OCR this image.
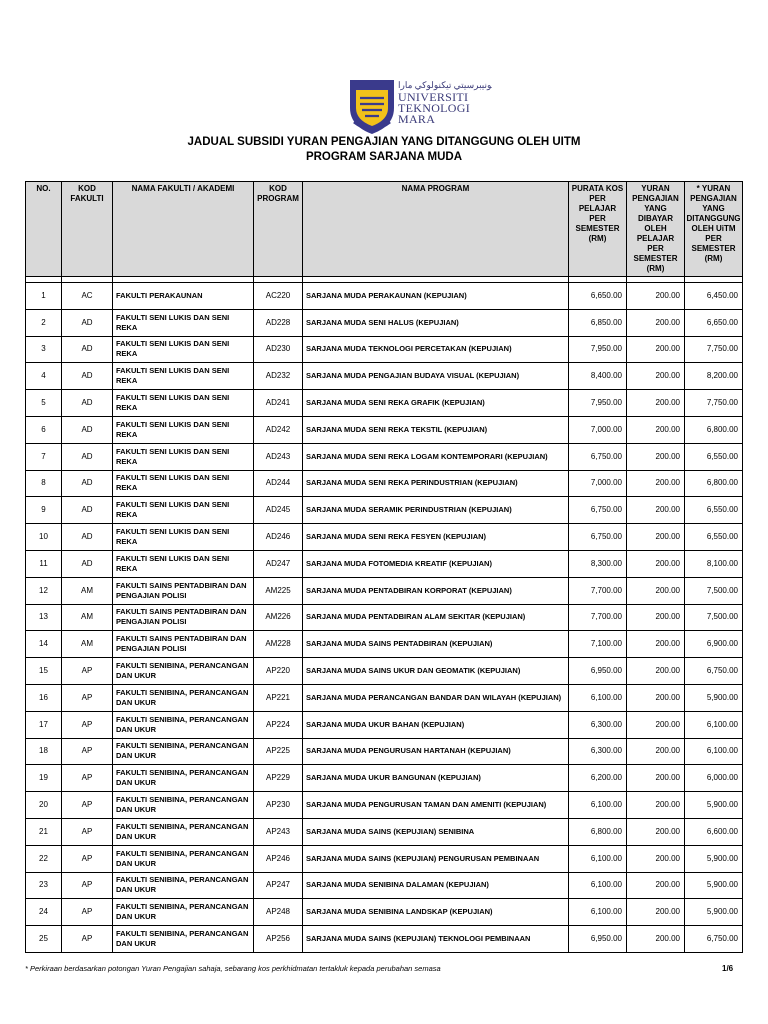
ﻮﻧﻴﺒﺮﺳﻴﺘﻲ ﺗﻴﻜﻨﻮﻟﻮﻛﻲ ﻣﺎرا
UNIVERSITI
TEKNOLOGI
MARA
JADUAL SUBSIDI YURAN PENGAJIAN YANG DITANGGUNG OLEH UITM
PROGRAM SARJANA MUDA
NO.	KOD FAKULTI	NAMA FAKULTI / AKADEMI	KOD PROGRAM	NAMA PROGRAM	PURATA KOS PER PELAJAR PER SEMESTER (RM)	YURAN PENGAJIAN YANG DIBAYAR OLEH PELAJAR PER SEMESTER (RM)	* YURAN PENGAJIAN YANG DITANGGUNG OLEH UiTM PER SEMESTER (RM)

1	AC	FAKULTI PERAKAUNAN	AC220	SARJANA MUDA PERAKAUNAN (KEPUJIAN)	6,650.00	200.00	6,450.00
2	AD	FAKULTI SENI LUKIS DAN SENI REKA	AD228	SARJANA MUDA SENI HALUS (KEPUJIAN)	6,850.00	200.00	6,650.00
3	AD	FAKULTI SENI LUKIS DAN SENI REKA	AD230	SARJANA MUDA TEKNOLOGI PERCETAKAN (KEPUJIAN)	7,950.00	200.00	7,750.00
4	AD	FAKULTI SENI LUKIS DAN SENI REKA	AD232	SARJANA MUDA PENGAJIAN BUDAYA VISUAL (KEPUJIAN)	8,400.00	200.00	8,200.00
5	AD	FAKULTI SENI LUKIS DAN SENI REKA	AD241	SARJANA MUDA SENI REKA GRAFIK (KEPUJIAN)	7,950.00	200.00	7,750.00
6	AD	FAKULTI SENI LUKIS DAN SENI REKA	AD242	SARJANA MUDA SENI REKA TEKSTIL (KEPUJIAN)	7,000.00	200.00	6,800.00
7	AD	FAKULTI SENI LUKIS DAN SENI REKA	AD243	SARJANA MUDA SENI REKA LOGAM KONTEMPORARI (KEPUJIAN)	6,750.00	200.00	6,550.00
8	AD	FAKULTI SENI LUKIS DAN SENI REKA	AD244	SARJANA MUDA SENI REKA PERINDUSTRIAN (KEPUJIAN)	7,000.00	200.00	6,800.00
9	AD	FAKULTI SENI LUKIS DAN SENI REKA	AD245	SARJANA MUDA SERAMIK PERINDUSTRIAN (KEPUJIAN)	6,750.00	200.00	6,550.00
10	AD	FAKULTI SENI LUKIS DAN SENI REKA	AD246	SARJANA MUDA SENI REKA FESYEN (KEPUJIAN)	6,750.00	200.00	6,550.00
11	AD	FAKULTI SENI LUKIS DAN SENI REKA	AD247	SARJANA MUDA FOTOMEDIA KREATIF (KEPUJIAN)	8,300.00	200.00	8,100.00
12	AM	FAKULTI SAINS PENTADBIRAN DAN PENGAJIAN POLISI	AM225	SARJANA MUDA PENTADBIRAN KORPORAT (KEPUJIAN)	7,700.00	200.00	7,500.00
13	AM	FAKULTI SAINS PENTADBIRAN DAN PENGAJIAN POLISI	AM226	SARJANA MUDA PENTADBIRAN ALAM SEKITAR (KEPUJIAN)	7,700.00	200.00	7,500.00
14	AM	FAKULTI SAINS PENTADBIRAN DAN PENGAJIAN POLISI	AM228	SARJANA MUDA SAINS PENTADBIRAN (KEPUJIAN)	7,100.00	200.00	6,900.00
15	AP	FAKULTI SENIBINA, PERANCANGAN DAN UKUR	AP220	SARJANA MUDA SAINS UKUR DAN GEOMATIK (KEPUJIAN)	6,950.00	200.00	6,750.00
16	AP	FAKULTI SENIBINA, PERANCANGAN DAN UKUR	AP221	SARJANA MUDA PERANCANGAN BANDAR DAN WILAYAH (KEPUJIAN)	6,100.00	200.00	5,900.00
17	AP	FAKULTI SENIBINA, PERANCANGAN DAN UKUR	AP224	SARJANA MUDA UKUR BAHAN (KEPUJIAN)	6,300.00	200.00	6,100.00
18	AP	FAKULTI SENIBINA, PERANCANGAN DAN UKUR	AP225	SARJANA MUDA PENGURUSAN HARTANAH (KEPUJIAN)	6,300.00	200.00	6,100.00
19	AP	FAKULTI SENIBINA, PERANCANGAN DAN UKUR	AP229	SARJANA MUDA UKUR BANGUNAN (KEPUJIAN)	6,200.00	200.00	6,000.00
20	AP	FAKULTI SENIBINA, PERANCANGAN DAN UKUR	AP230	SARJANA MUDA PENGURUSAN TAMAN DAN AMENITI (KEPUJIAN)	6,100.00	200.00	5,900.00
21	AP	FAKULTI SENIBINA, PERANCANGAN DAN UKUR	AP243	SARJANA MUDA SAINS (KEPUJIAN) SENIBINA	6,800.00	200.00	6,600.00
22	AP	FAKULTI SENIBINA, PERANCANGAN DAN UKUR	AP246	SARJANA MUDA SAINS (KEPUJIAN) PENGURUSAN PEMBINAAN	6,100.00	200.00	5,900.00
23	AP	FAKULTI SENIBINA, PERANCANGAN DAN UKUR	AP247	SARJANA MUDA SENIBINA DALAMAN (KEPUJIAN)	6,100.00	200.00	5,900.00
24	AP	FAKULTI SENIBINA, PERANCANGAN DAN UKUR	AP248	SARJANA MUDA SENIBINA LANDSKAP (KEPUJIAN)	6,100.00	200.00	5,900.00
25	AP	FAKULTI SENIBINA, PERANCANGAN DAN UKUR	AP256	SARJANA MUDA SAINS (KEPUJIAN) TEKNOLOGI PEMBINAAN	6,950.00	200.00	6,750.00
* Perkiraan berdasarkan potongan Yuran Pengajian sahaja, sebarang kos perkhidmatan tertakluk kepada perubahan semasa	1/6
